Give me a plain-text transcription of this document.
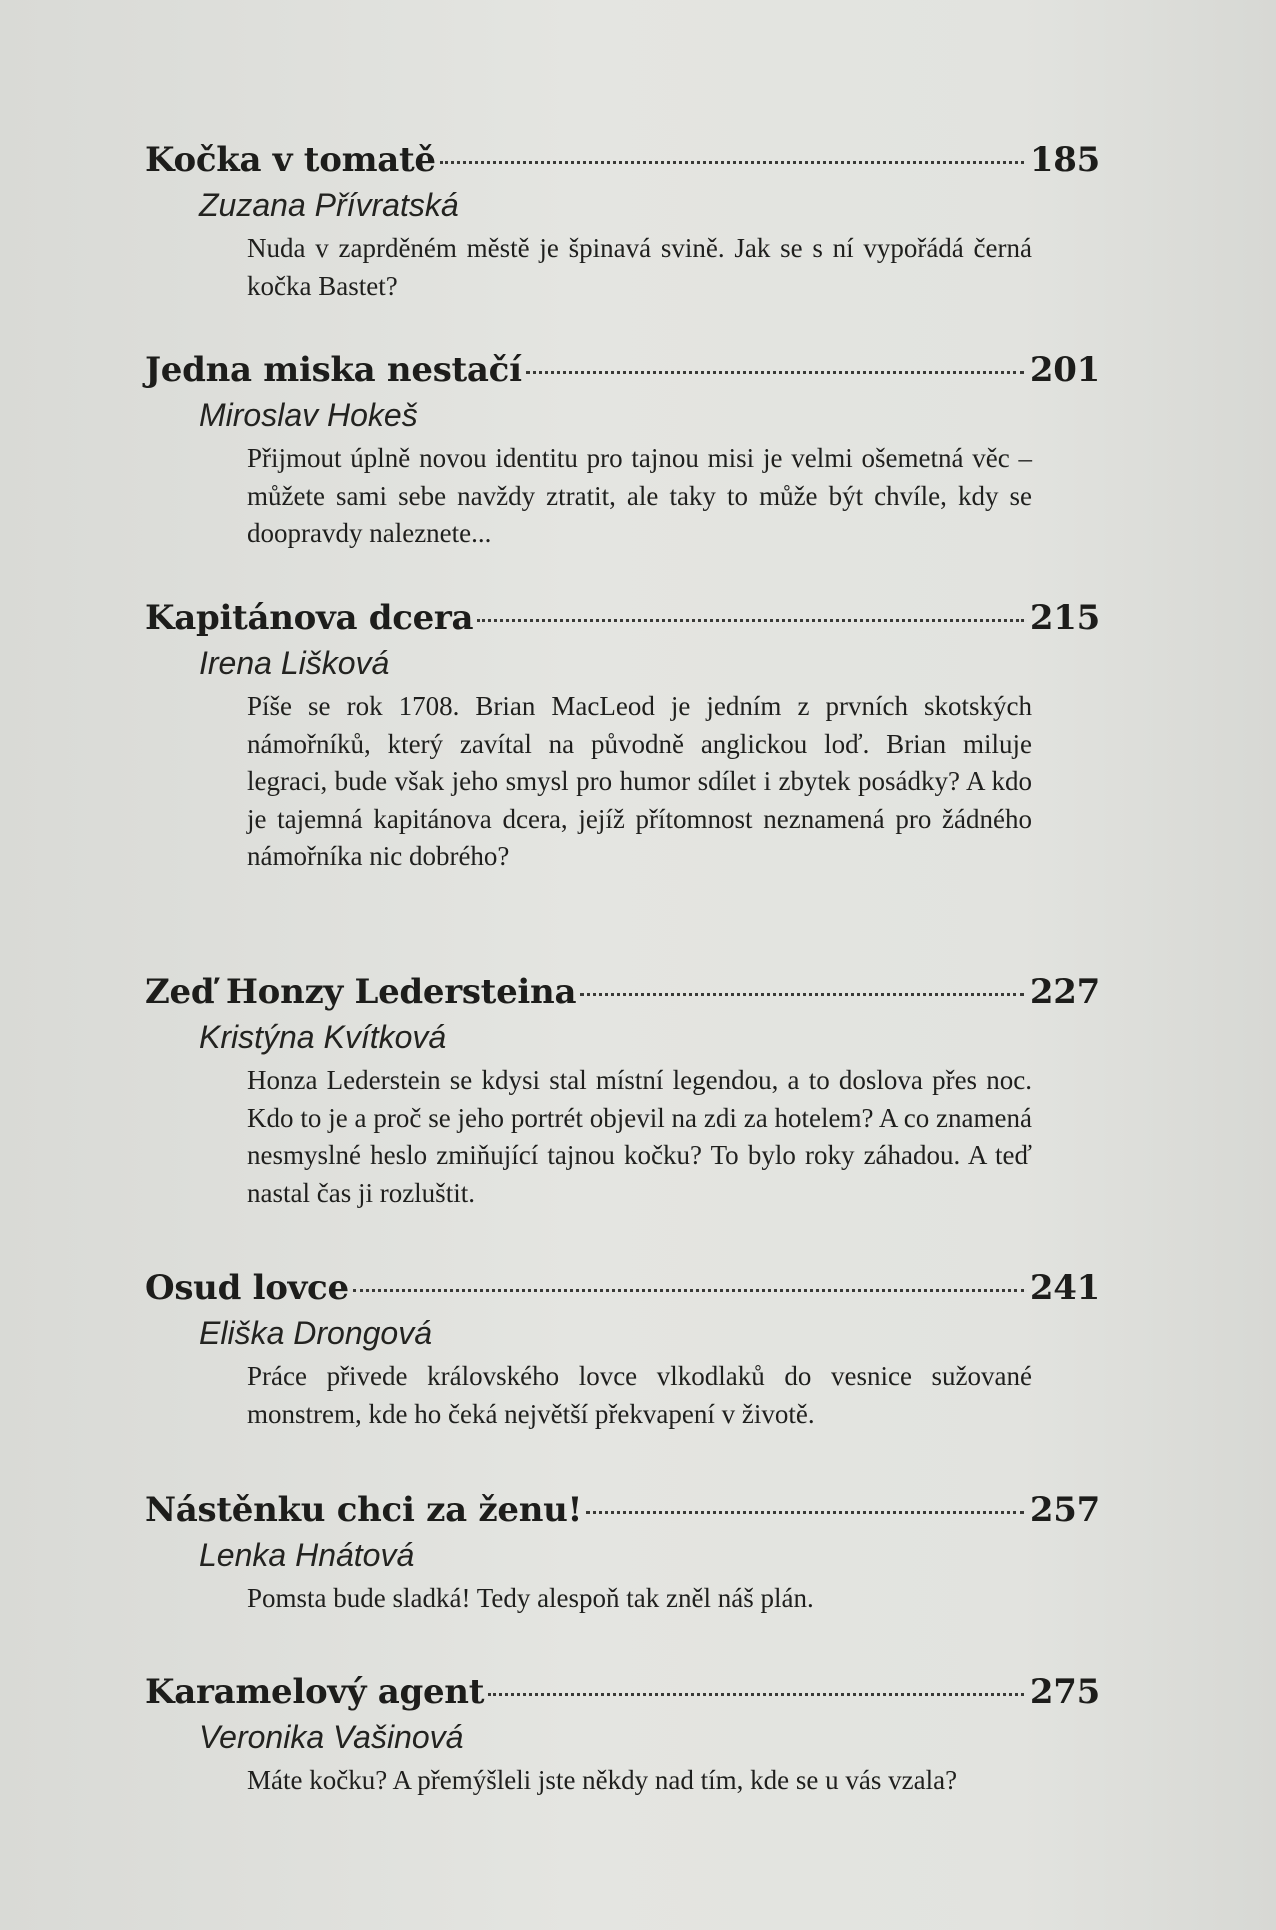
Kočka v tomatě	185
Zuzana Přívratská
Nuda v zaprděném městě je špinavá svině. Jak se s ní vypořádá černá kočka Bastet?
Jedna miska nestačí	201
Miroslav Hokeš
Přijmout úplně novou identitu pro tajnou misi je velmi ošemetná věc – můžete sami sebe navždy ztratit, ale taky to může být chvíle, kdy se doopravdy naleznete...
Kapitánova dcera	215
Irena Lišková
Píše se rok 1708. Brian MacLeod je jedním z prvních skotských námořníků, který zavítal na původně anglickou loď. Brian miluje legraci, bude však jeho smysl pro humor sdílet i zbytek posádky? A kdo je tajemná kapitánova dcera, jejíž přítomnost neznamená pro žádného námořníka nic dobrého?
Zeď Honzy Ledersteina	227
Kristýna Kvítková
Honza Lederstein se kdysi stal místní legendou, a to doslova přes noc. Kdo to je a proč se jeho portrét objevil na zdi za hotelem? A co znamená nesmyslné heslo zmiňující tajnou kočku? To bylo roky záhadou. A teď nastal čas ji rozluštit.
Osud lovce	241
Eliška Drongová
Práce přivede královského lovce vlkodlaků do vesnice sužované monstrem, kde ho čeká největší překvapení v životě.
Nástěnku chci za ženu!	257
Lenka Hnátová
Pomsta bude sladká! Tedy alespoň tak zněl náš plán.
Karamelový agent	275
Veronika Vašinová
Máte kočku? A přemýšleli jste někdy nad tím, kde se u vás vzala?
